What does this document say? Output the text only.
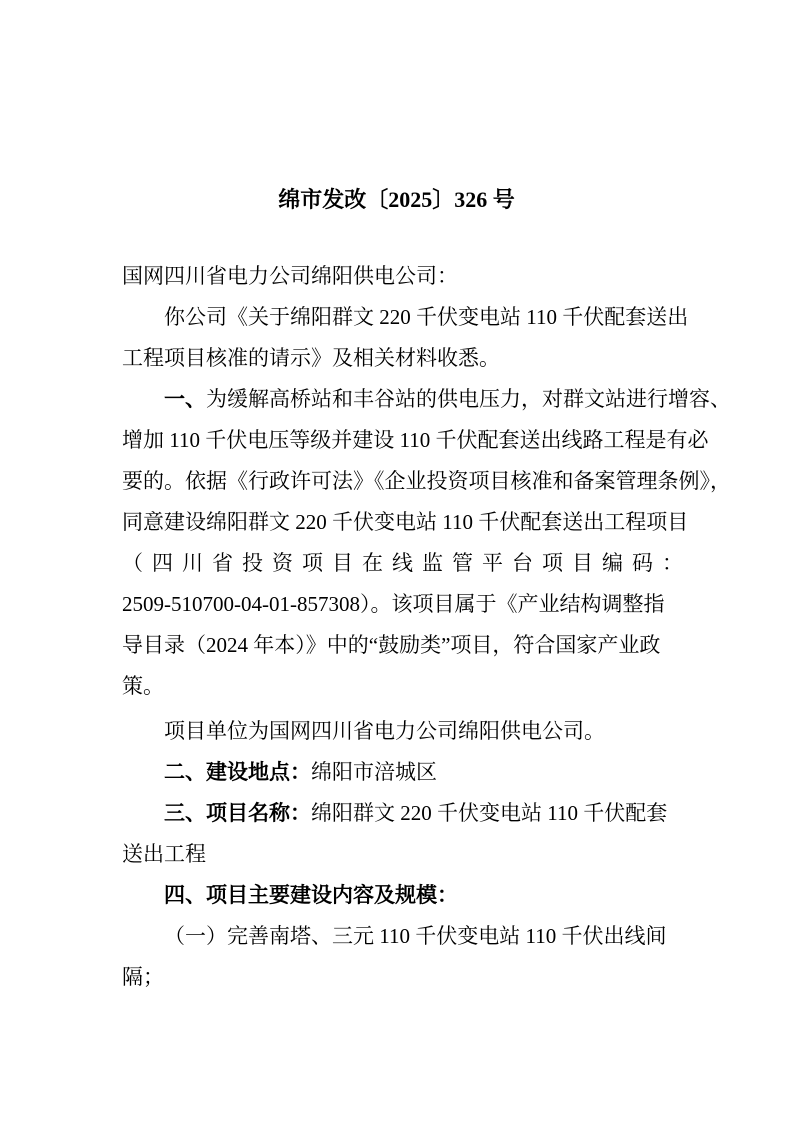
绵市发改〔2025〕326 号
国网四川省电力公司绵阳供电公司：
你公司《关于绵阳群文 220 千伏变电站 110 千伏配套送出
工程项目核准的请示》及相关材料收悉。
一、为缓解高桥站和丰谷站的供电压力，对群文站进行增容、
增加 110 千伏电压等级并建设 110 千伏配套送出线路工程是有必
要的。依据《行政许可法》《企业投资项目核准和备案管理条例》，
同意建设绵阳群文 220 千伏变电站 110 千伏配套送出工程项目
（四川省投资项目在线监管平台项目编码：
2509-510700-04-01-857308）。该项目属于《产业结构调整指
导目录（2024 年本）》中的“鼓励类”项目，符合国家产业政
策。
项目单位为国网四川省电力公司绵阳供电公司。
二、建设地点：绵阳市涪城区
三、项目名称：绵阳群文 220 千伏变电站 110 千伏配套
送出工程
四、项目主要建设内容及规模：
（一）完善南塔、三元 110 千伏变电站 110 千伏出线间
隔；
